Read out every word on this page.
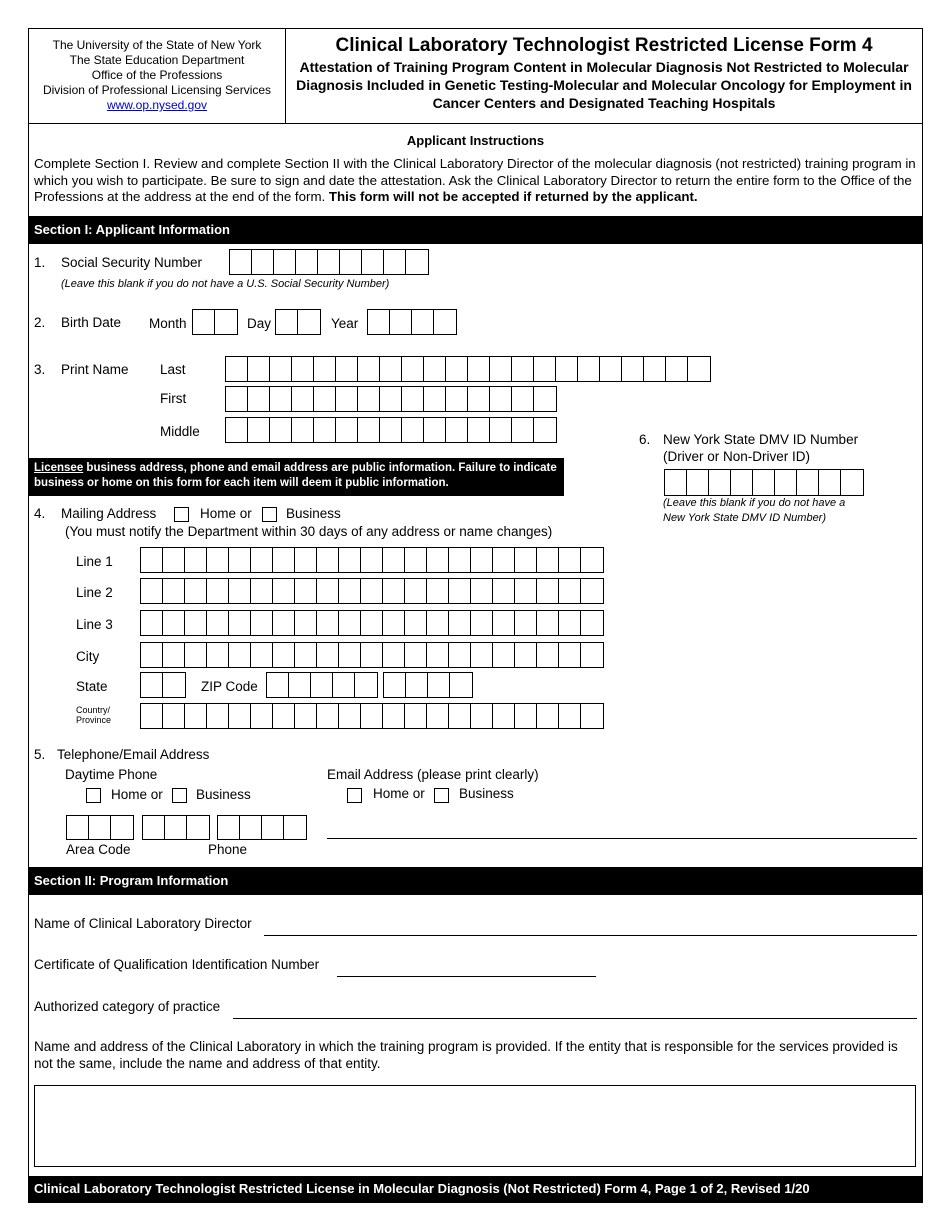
The University of the State of New York
The State Education Department
Office of the Professions
Division of Professional Licensing Services
www.op.nysed.gov
Clinical Laboratory Technologist Restricted License Form 4
Attestation of Training Program Content in Molecular Diagnosis Not Restricted to Molecular Diagnosis Included in Genetic Testing-Molecular and Molecular Oncology for Employment in Cancer Centers and Designated Teaching Hospitals
Applicant Instructions
Complete Section I. Review and complete Section II with the Clinical Laboratory Director of the molecular diagnosis (not restricted) training program in which you wish to participate. Be sure to sign and date the attestation. Ask the Clinical Laboratory Director to return the entire form to the Office of the Professions at the address at the end of the form. This form will not be accepted if returned by the applicant.
Section I: Applicant Information
1. Social Security Number
(Leave this blank if you do not have a U.S. Social Security Number)
2. Birth Date Month	Day	Year
3. Print Name Last
First
Middle
6. New York State DMV ID Number
(Driver or Non-Driver ID)
(Leave this blank if you do not have a
New York State DMV ID Number)
Licensee business address, phone and email address are public information. Failure to indicate business or home on this form for each item will deem it public information.
4. Mailing Address	Home or	Business
(You must notify the Department within 30 days of any address or name changes)
Line 1
Line 2
Line 3
City
State	ZIP Code
Country/
Province
5. Telephone/Email Address
Daytime Phone	Email Address (please print clearly)
Home or Business	Home or	Business
Area Code	Phone
Section II: Program Information
Name of Clinical Laboratory Director
Certificate of Qualification Identification Number
Authorized category of practice
Name and address of the Clinical Laboratory in which the training program is provided. If the entity that is responsible for the services provided is not the same, include the name and address of that entity.
Clinical Laboratory Technologist Restricted License in Molecular Diagnosis (Not Restricted) Form 4, Page 1 of 2, Revised 1/20
